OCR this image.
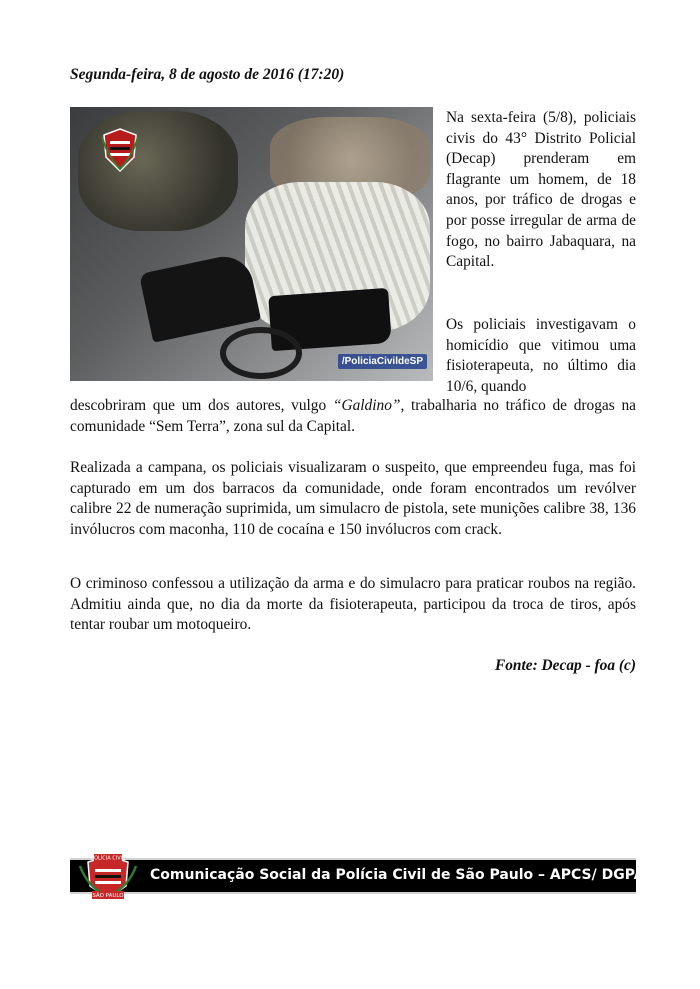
Segunda-feira, 8 de agosto de 2016 (17:20)
/PoliciaCivildeSP
Na sexta-feira (5/8), policiais civis do 43° Distrito Policial (Decap) prenderam em flagrante um homem, de 18 anos, por tráfico de drogas e por posse irregular de arma de fogo, no bairro Jabaquara, na Capital.
Os policiais investigavam o homicídio que vitimou uma fisioterapeuta, no último dia 10/6, quando
descobriram que um dos autores, vulgo “Galdino”, trabalharia no tráfico de drogas na comunidade “Sem Terra”, zona sul da Capital.
Realizada a campana, os policiais visualizaram o suspeito, que empreendeu fuga, mas foi capturado em um dos barracos da comunidade, onde foram encontrados um revólver calibre 22 de numeração suprimida, um simulacro de pistola, sete munições calibre 38, 136 invólucros com maconha, 110 de cocaína e 150 invólucros com crack.
O criminoso confessou a utilização da arma e do simulacro para praticar roubos na região. Admitiu ainda que, no dia da morte da fisioterapeuta, participou da troca de tiros, após tentar roubar um motoqueiro.
Fonte: Decap - foa (c)
POLÍCIA CIVIL
SÃO PAULO
Comunicação Social da Polícia Civil de São Paulo – APCS/ DGPAd
